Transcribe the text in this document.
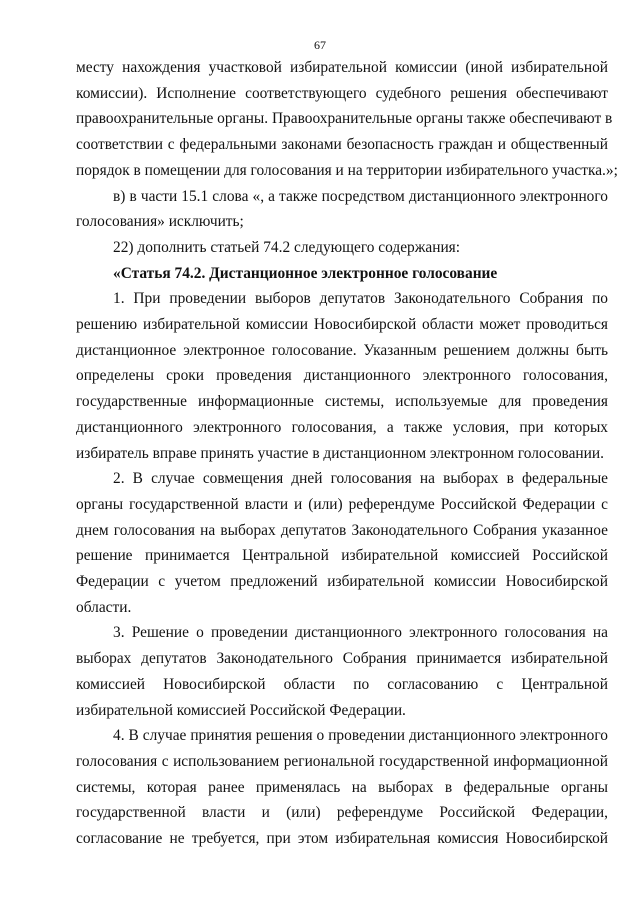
67
месту нахождения участковой избирательной комиссии (иной избирательной
комиссии). Исполнение соответствующего судебного решения обеспечивают
правоохранительные органы. Правоохранительные органы также обеспечивают в
соответствии с федеральными законами безопасность граждан и общественный
порядок в помещении для голосования и на территории избирательного участка.»;
в) в части 15.1 слова «, а также посредством дистанционного электронного
голосования» исключить;
22) дополнить статьей 74.2 следующего содержания:
«Статья 74.2. Дистанционное электронное голосование
1. При проведении выборов депутатов Законодательного Собрания по
решению избирательной комиссии Новосибирской области может проводиться
дистанционное электронное голосование. Указанным решением должны быть
определены сроки проведения дистанционного электронного голосования,
государственные информационные системы, используемые для проведения
дистанционного электронного голосования, а также условия, при которых
избиратель вправе принять участие в дистанционном электронном голосовании.
2. В случае совмещения дней голосования на выборах в федеральные
органы государственной власти и (или) референдуме Российской Федерации с
днем голосования на выборах депутатов Законодательного Собрания указанное
решение принимается Центральной избирательной комиссией Российской
Федерации с учетом предложений избирательной комиссии Новосибирской
области.
3. Решение о проведении дистанционного электронного голосования на
выборах депутатов Законодательного Собрания принимается избирательной
комиссией Новосибирской области по согласованию с Центральной
избирательной комиссией Российской Федерации.
4. В случае принятия решения о проведении дистанционного электронного
голосования с использованием региональной государственной информационной
системы, которая ранее применялась на выборах в федеральные органы
государственной власти и (или) референдуме Российской Федерации,
согласование не требуется, при этом избирательная комиссия Новосибирской
